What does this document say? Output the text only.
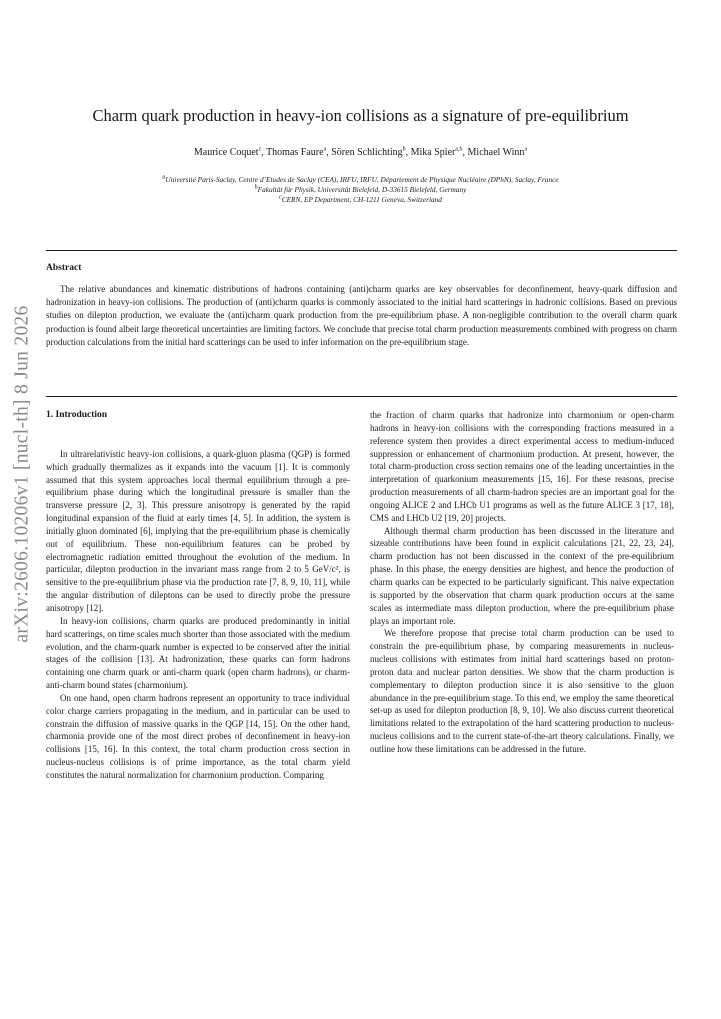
arXiv:2606.10206v1 [nucl-th] 8 Jun 2026
Charm quark production in heavy-ion collisions as a signature of pre-equilibrium
Maurice Coquet$^c$, Thomas Faure$^a$, Sören Schlichting$^b$, Mika Spier$^{a,b}$, Michael Winn$^a$
$^a$Université Paris-Saclay, Centre d’Etudes de Saclay (CEA), IRFU, IRFU, Département de Physique Nucléaire (DPhN), Saclay, France
$^b$Fakultät für Physik, Universität Bielefeld, D-33615 Bielefeld, Germany
$^c$CERN, EP Department, CH-1211 Geneva, Switzerland
Abstract

The relative abundances and kinematic distributions of hadrons containing (anti)charm quarks are key observables for deconfinement, heavy-quark diffusion and hadronization in heavy-ion collisions. The production of (anti)charm quarks is commonly associated to the initial hard scatterings in hadronic collisions. Based on previous studies on dilepton production, we evaluate the (anti)charm quark production from the pre-equilibrium phase. A non-negligible contribution to the overall charm quark production is found albeit large theoretical uncertainties are limiting factors. We conclude that precise total charm production measurements combined with progress on charm production calculations from the initial hard scatterings can be used to infer information on the pre-equilibrium stage.

1. Introduction

In ultrarelativistic heavy-ion collisions, a quark-gluon plasma (QGP) is formed which gradually thermalizes as it expands into the vacuum [1]. It is commonly assumed that this system approaches local thermal equilibrium through a pre-equilibrium phase during which the longitudinal pressure is smaller than the transverse pressure [2, 3]. This pressure anisotropy is generated by the rapid longitudinal expansion of the fluid at early times [4, 5]. In addition, the system is initially gluon dominated [6], implying that the pre-equilibrium phase is chemically out of equilibrium. These non-equilibrium features can be probed by electromagnetic radiation emitted throughout the evolution of the medium. In particular, dilepton production in the invariant mass range from 2 to 5 GeV/c², is sensitive to the pre-equilibrium phase via the production rate [7, 8, 9, 10, 11], while the angular distribution of dileptons can be used to directly probe the pressure anisotropy [12].

In heavy-ion collisions, charm quarks are produced predominantly in initial hard scatterings, on time scales much shorter than those associated with the medium evolution, and the charm-quark number is expected to be conserved after the initial stages of the collision [13]. At hadronization, these quarks can form hadrons containing one charm quark or anti-charm quark (open charm hadrons), or charm-anti-charm bound states (charmonium).

On one hand, open charm hadrons represent an opportunity to trace individual color charge carriers propagating in the medium, and in particular can be used to constrain the diffusion of massive quarks in the QGP [14, 15]. On the other hand, charmonia provide one of the most direct probes of deconfinement in heavy-ion collisions [15, 16]. In this context, the total charm production cross section in nucleus-nucleus collisions is of prime importance, as the total charm yield constitutes the natural normalization for charmonium production. Comparing

the fraction of charm quarks that hadronize into charmonium or open-charm hadrons in heavy-ion collisions with the corresponding fractions measured in a reference system then provides a direct experimental access to medium-induced suppression or enhancement of charmonium production. At present, however, the total charm-production cross section remains one of the leading uncertainties in the interpretation of quarkonium measurements [15, 16]. For these reasons, precise production measurements of all charm-hadron species are an important goal for the ongoing ALICE 2 and LHCb U1 programs as well as the future ALICE 3 [17, 18], CMS and LHCb U2 [19, 20] projects.

Although thermal charm production has been discussed in the literature and sizeable contributions have been found in explicit calculations [21, 22, 23, 24], charm production has not been discussed in the context of the pre-equilibrium phase. In this phase, the energy densities are highest, and hence the production of charm quarks can be expected to be particularly significant. This naive expectation is supported by the observation that charm quark production occurs at the same scales as intermediate mass dilepton production, where the pre-equilibrium phase plays an important role.

We therefore propose that precise total charm production can be used to constrain the pre-equilibrium phase, by comparing measurements in nucleus-nucleus collisions with estimates from initial hard scatterings based on proton-proton data and nuclear parton densities. We show that the charm production is complementary to dilepton production since it is also sensitive to the gluon abundance in the pre-equilibrium stage. To this end, we employ the same theoretical set-up as used for dilepton production [8, 9, 10]. We also discuss current theoretical limitations related to the extrapolation of the hard scattering production to nucleus-nucleus collisions and to the current state-of-the-art theory calculations. Finally, we outline how these limitations can be addressed in the future.
